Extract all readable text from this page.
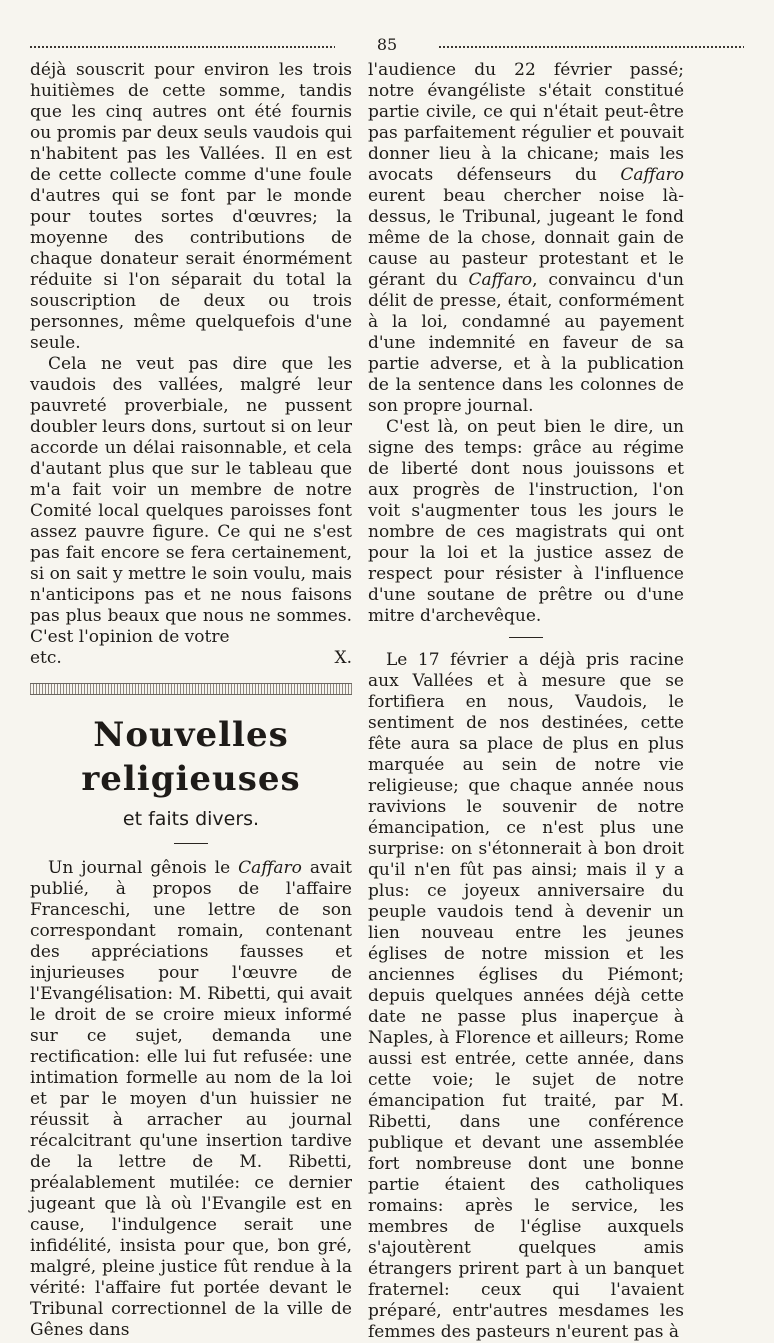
85

déjà souscrit pour environ les trois huitièmes de cette somme, tandis que les cinq autres ont été fournis ou promis par deux seuls vaudois qui n'habitent pas les Vallées. Il en est de cette collecte comme d'une foule d'autres qui se font par le monde pour toutes sortes d'œuvres; la moyenne des contributions de chaque donateur serait énormément réduite si l'on séparait du total la souscription de deux ou trois personnes, même quelquefois d'une seule.

Cela ne veut pas dire que les vaudois des vallées, malgré leur pauvreté proverbiale, ne pussent doubler leurs dons, surtout si on leur accorde un délai raisonnable, et cela d'autant plus que sur le tableau que m'a fait voir un membre de notre Comité local quelques paroisses font assez pauvre figure. Ce qui ne s'est pas fait encore se fera certainement, si on sait y mettre le soin voulu, mais n'anticipons pas et ne nous faisons pas plus beaux que nous ne sommes. C'est l'opinion de votre

etc.	X.

Nouvelles religieuses
et faits divers.

Un journal gênois le Caffaro avait publié, à propos de l'affaire Franceschi, une lettre de son correspondant romain, contenant des appréciations fausses et injurieuses pour l'œuvre de l'Evangélisation: M. Ribetti, qui avait le droit de se croire mieux informé sur ce sujet, demanda une rectification: elle lui fut refusée: une intimation formelle au nom de la loi et par le moyen d'un huissier ne réussit à arracher au journal récalcitrant qu'une insertion tardive de la lettre de M. Ribetti, préalablement mutilée: ce dernier jugeant que là où l'Evangile est en cause, l'indulgence serait une infidélité, insista pour que, bon gré, malgré, pleine justice fût rendue à la vérité: l'affaire fut portée devant le Tribunal correctionnel de la ville de Gênes dans

l'audience du 22 février passé; notre évangéliste s'était constitué partie civile, ce qui n'était peut-être pas parfaitement régulier et pouvait donner lieu à la chicane; mais les avocats défenseurs du Caffaro eurent beau chercher noise là-dessus, le Tribunal, jugeant le fond même de la chose, donnait gain de cause au pasteur protestant et le gérant du Caffaro, convaincu d'un délit de presse, était, conformément à la loi, condamné au payement d'une indemnité en faveur de sa partie adverse, et à la publication de la sentence dans les colonnes de son propre journal.

C'est là, on peut bien le dire, un signe des temps: grâce au régime de liberté dont nous jouissons et aux progrès de l'instruction, l'on voit s'augmenter tous les jours le nombre de ces magistrats qui ont pour la loi et la justice assez de respect pour résister à l'influence d'une soutane de prêtre ou d'une mitre d'archevêque.

Le 17 février a déjà pris racine aux Vallées et à mesure que se fortifiera en nous, Vaudois, le sentiment de nos destinées, cette fête aura sa place de plus en plus marquée au sein de notre vie religieuse; que chaque année nous ravivions le souvenir de notre émancipation, ce n'est plus une surprise: on s'étonnerait à bon droit qu'il n'en fût pas ainsi; mais il y a plus: ce joyeux anniversaire du peuple vaudois tend à devenir un lien nouveau entre les jeunes églises de notre mission et les anciennes églises du Piémont; depuis quelques années déjà cette date ne passe plus inaperçue à Naples, à Florence et ailleurs; Rome aussi est entrée, cette année, dans cette voie; le sujet de notre émancipation fut traité, par M. Ribetti, dans une conférence publique et devant une assemblée fort nombreuse dont une bonne partie étaient des catholiques romains: après le service, les membres de l'église auxquels s'ajoutèrent quelques amis étrangers prirent part à un banquet fraternel: ceux qui l'avaient préparé, entr'autres mesdames les femmes des pasteurs n'eurent pas à
